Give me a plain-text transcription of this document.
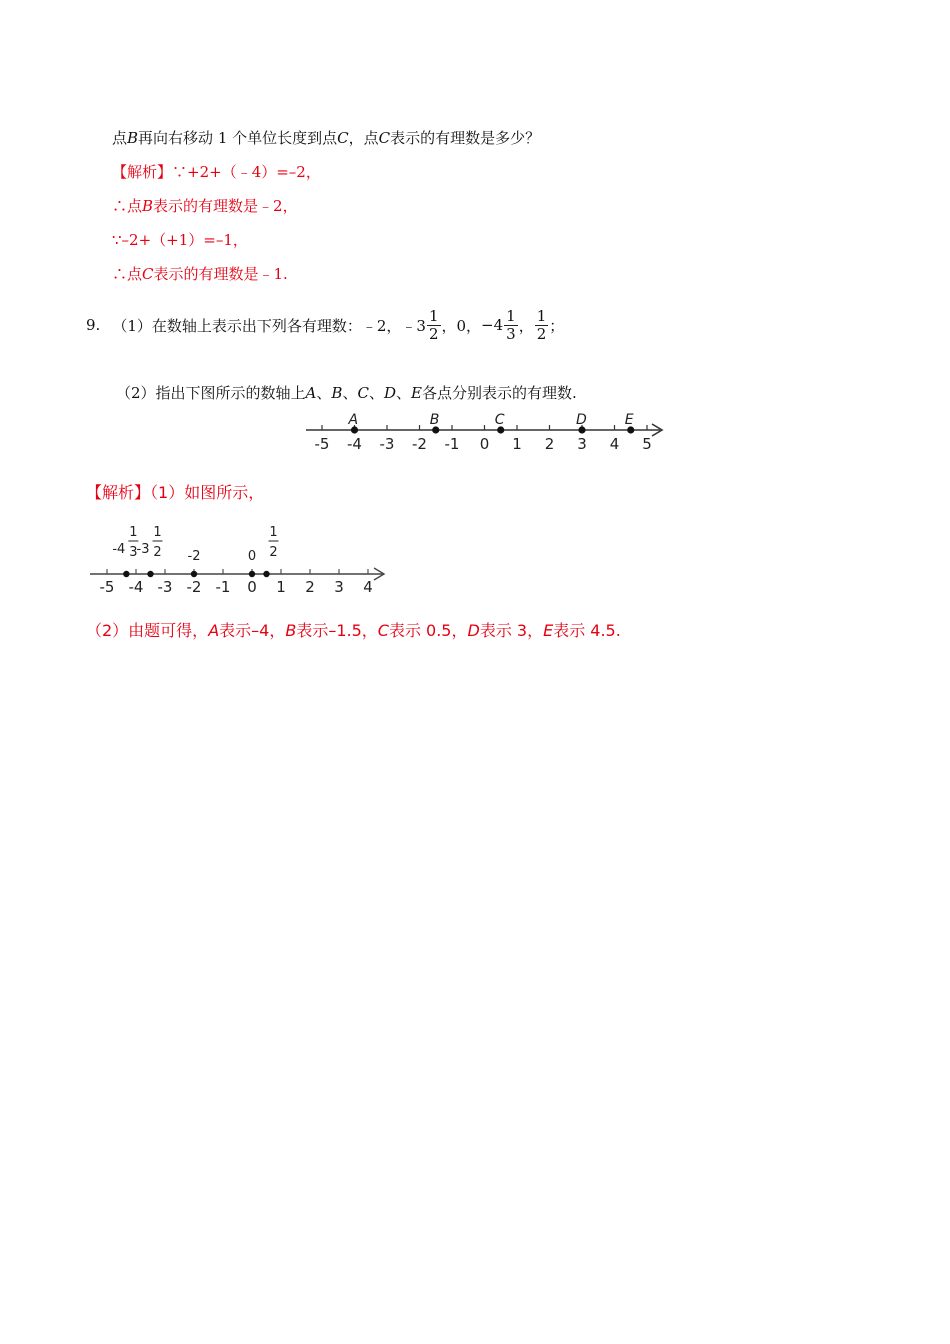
点B再向右移动 1 个单位长度到点C，点C表示的有理数是多少？
【解析】∵+2+（﹣4）=–2，
∴点B表示的有理数是﹣2，
∵–2+（+1）=–1，
∴点C表示的有理数是﹣1.
9. （1）在数轴上表示出下列各有理数：﹣2， ﹣3 $\frac{1}{2}$ ，0， $-4 \frac{1}{3}$ ， $\frac{1}{2}$ ；
（2）指出下图所示的数轴上A、B、C、D、E各点分别表示的有理数.
-5 -4 -3 -2 -1 0 1 2 3 4 5
A	B	C	D	E
【解析】（1）如图所示，
-5 -4 -3 -2 -1 0 1 2 3 4
-4
1
3 -3
1
2 -2	0
1
2
（2）由题可得，A表示–4，B表示–1.5，C表示 0.5，D表示 3，E表示 4.5.
